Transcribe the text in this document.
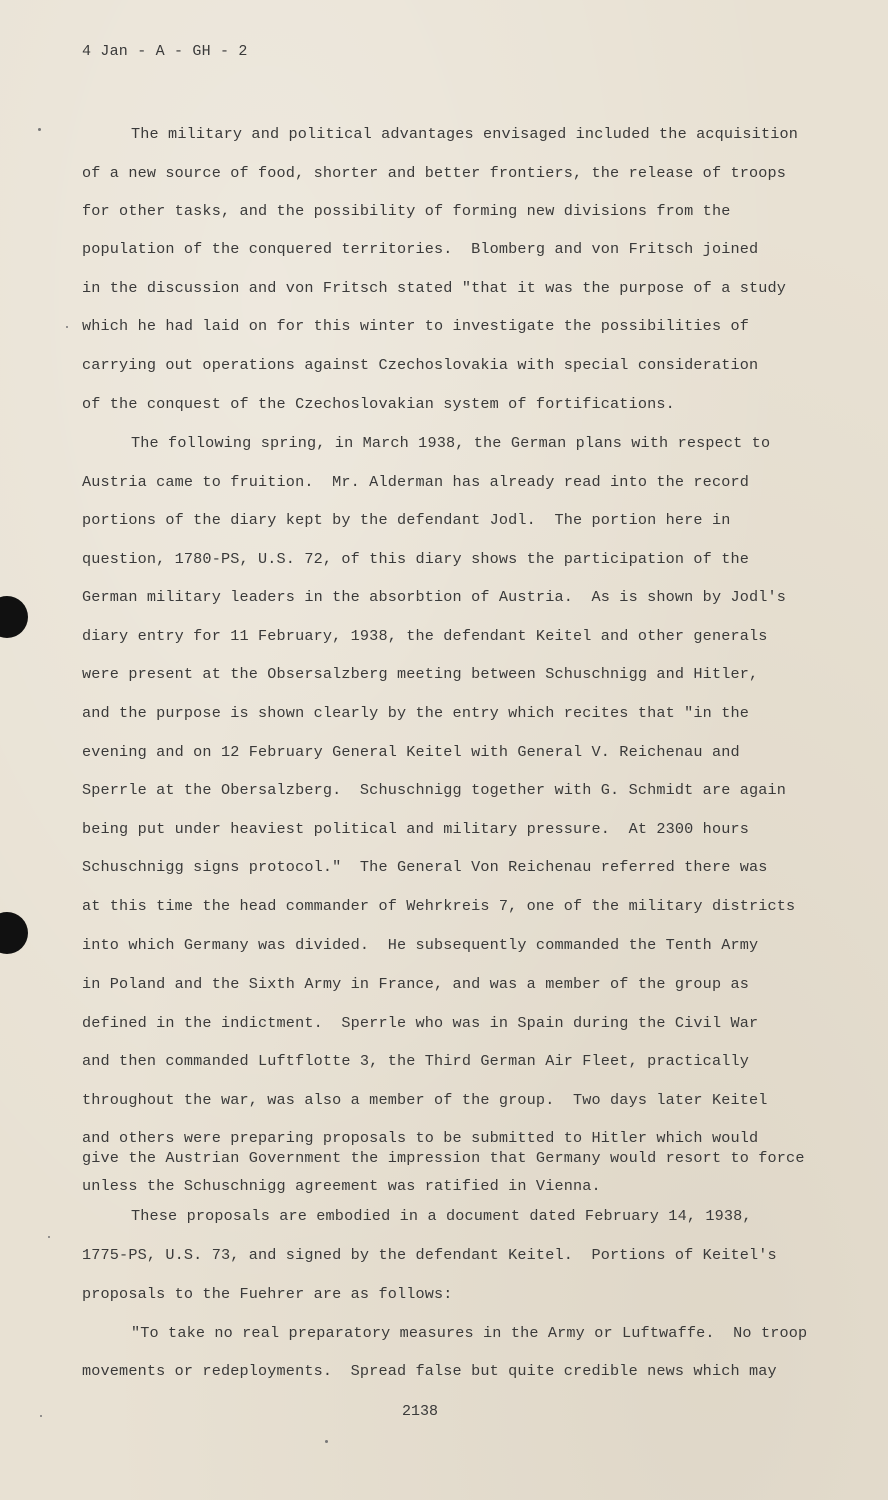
4 Jan - A - GH - 2
The military and political advantages envisaged included the acquisition
of a new source of food, shorter and better frontiers, the release of troops
for other tasks, and the possibility of forming new divisions from the
population of the conquered territories.  Blomberg and von Fritsch joined
in the discussion and von Fritsch stated "that it was the purpose of a study
which he had laid on for this winter to investigate the possibilities of
carrying out operations against Czechoslovakia with special consideration
of the conquest of the Czechoslovakian system of fortifications.
The following spring, in March 1938, the German plans with respect to
Austria came to fruition.  Mr. Alderman has already read into the record
portions of the diary kept by the defendant Jodl.  The portion here in
question, 1780-PS, U.S. 72, of this diary shows the participation of the
German military leaders in the absorbtion of Austria.  As is shown by Jodl's
diary entry for 11 February, 1938, the defendant Keitel and other generals
were present at the Obsersalzberg meeting between Schuschnigg and Hitler,
and the purpose is shown clearly by the entry which recites that "in the
evening and on 12 February General Keitel with General V. Reichenau and
Sperrle at the Obersalzberg.  Schuschnigg together with G. Schmidt are again
being put under heaviest political and military pressure.  At 2300 hours
Schuschnigg signs protocol."  The General Von Reichenau referred there was
at this time the head commander of Wehrkreis 7, one of the military districts
into which Germany was divided.  He subsequently commanded the Tenth Army
in Poland and the Sixth Army in France, and was a member of the group as
defined in the indictment.  Sperrle who was in Spain during the Civil War
and then commanded Luftflotte 3, the Third German Air Fleet, practically
throughout the war, was also a member of the group.  Two days later Keitel
and others were preparing proposals to be submitted to Hitler which would
give the Austrian Government the impression that Germany would resort to force
unless the Schuschnigg agreement was ratified in Vienna.
These proposals are embodied in a document dated February 14, 1938,
1775-PS, U.S. 73, and signed by the defendant Keitel.  Portions of Keitel's
proposals to the Fuehrer are as follows:
"To take no real preparatory measures in the Army or Luftwaffe.  No troop
movements or redeployments.  Spread false but quite credible news which may
2138
